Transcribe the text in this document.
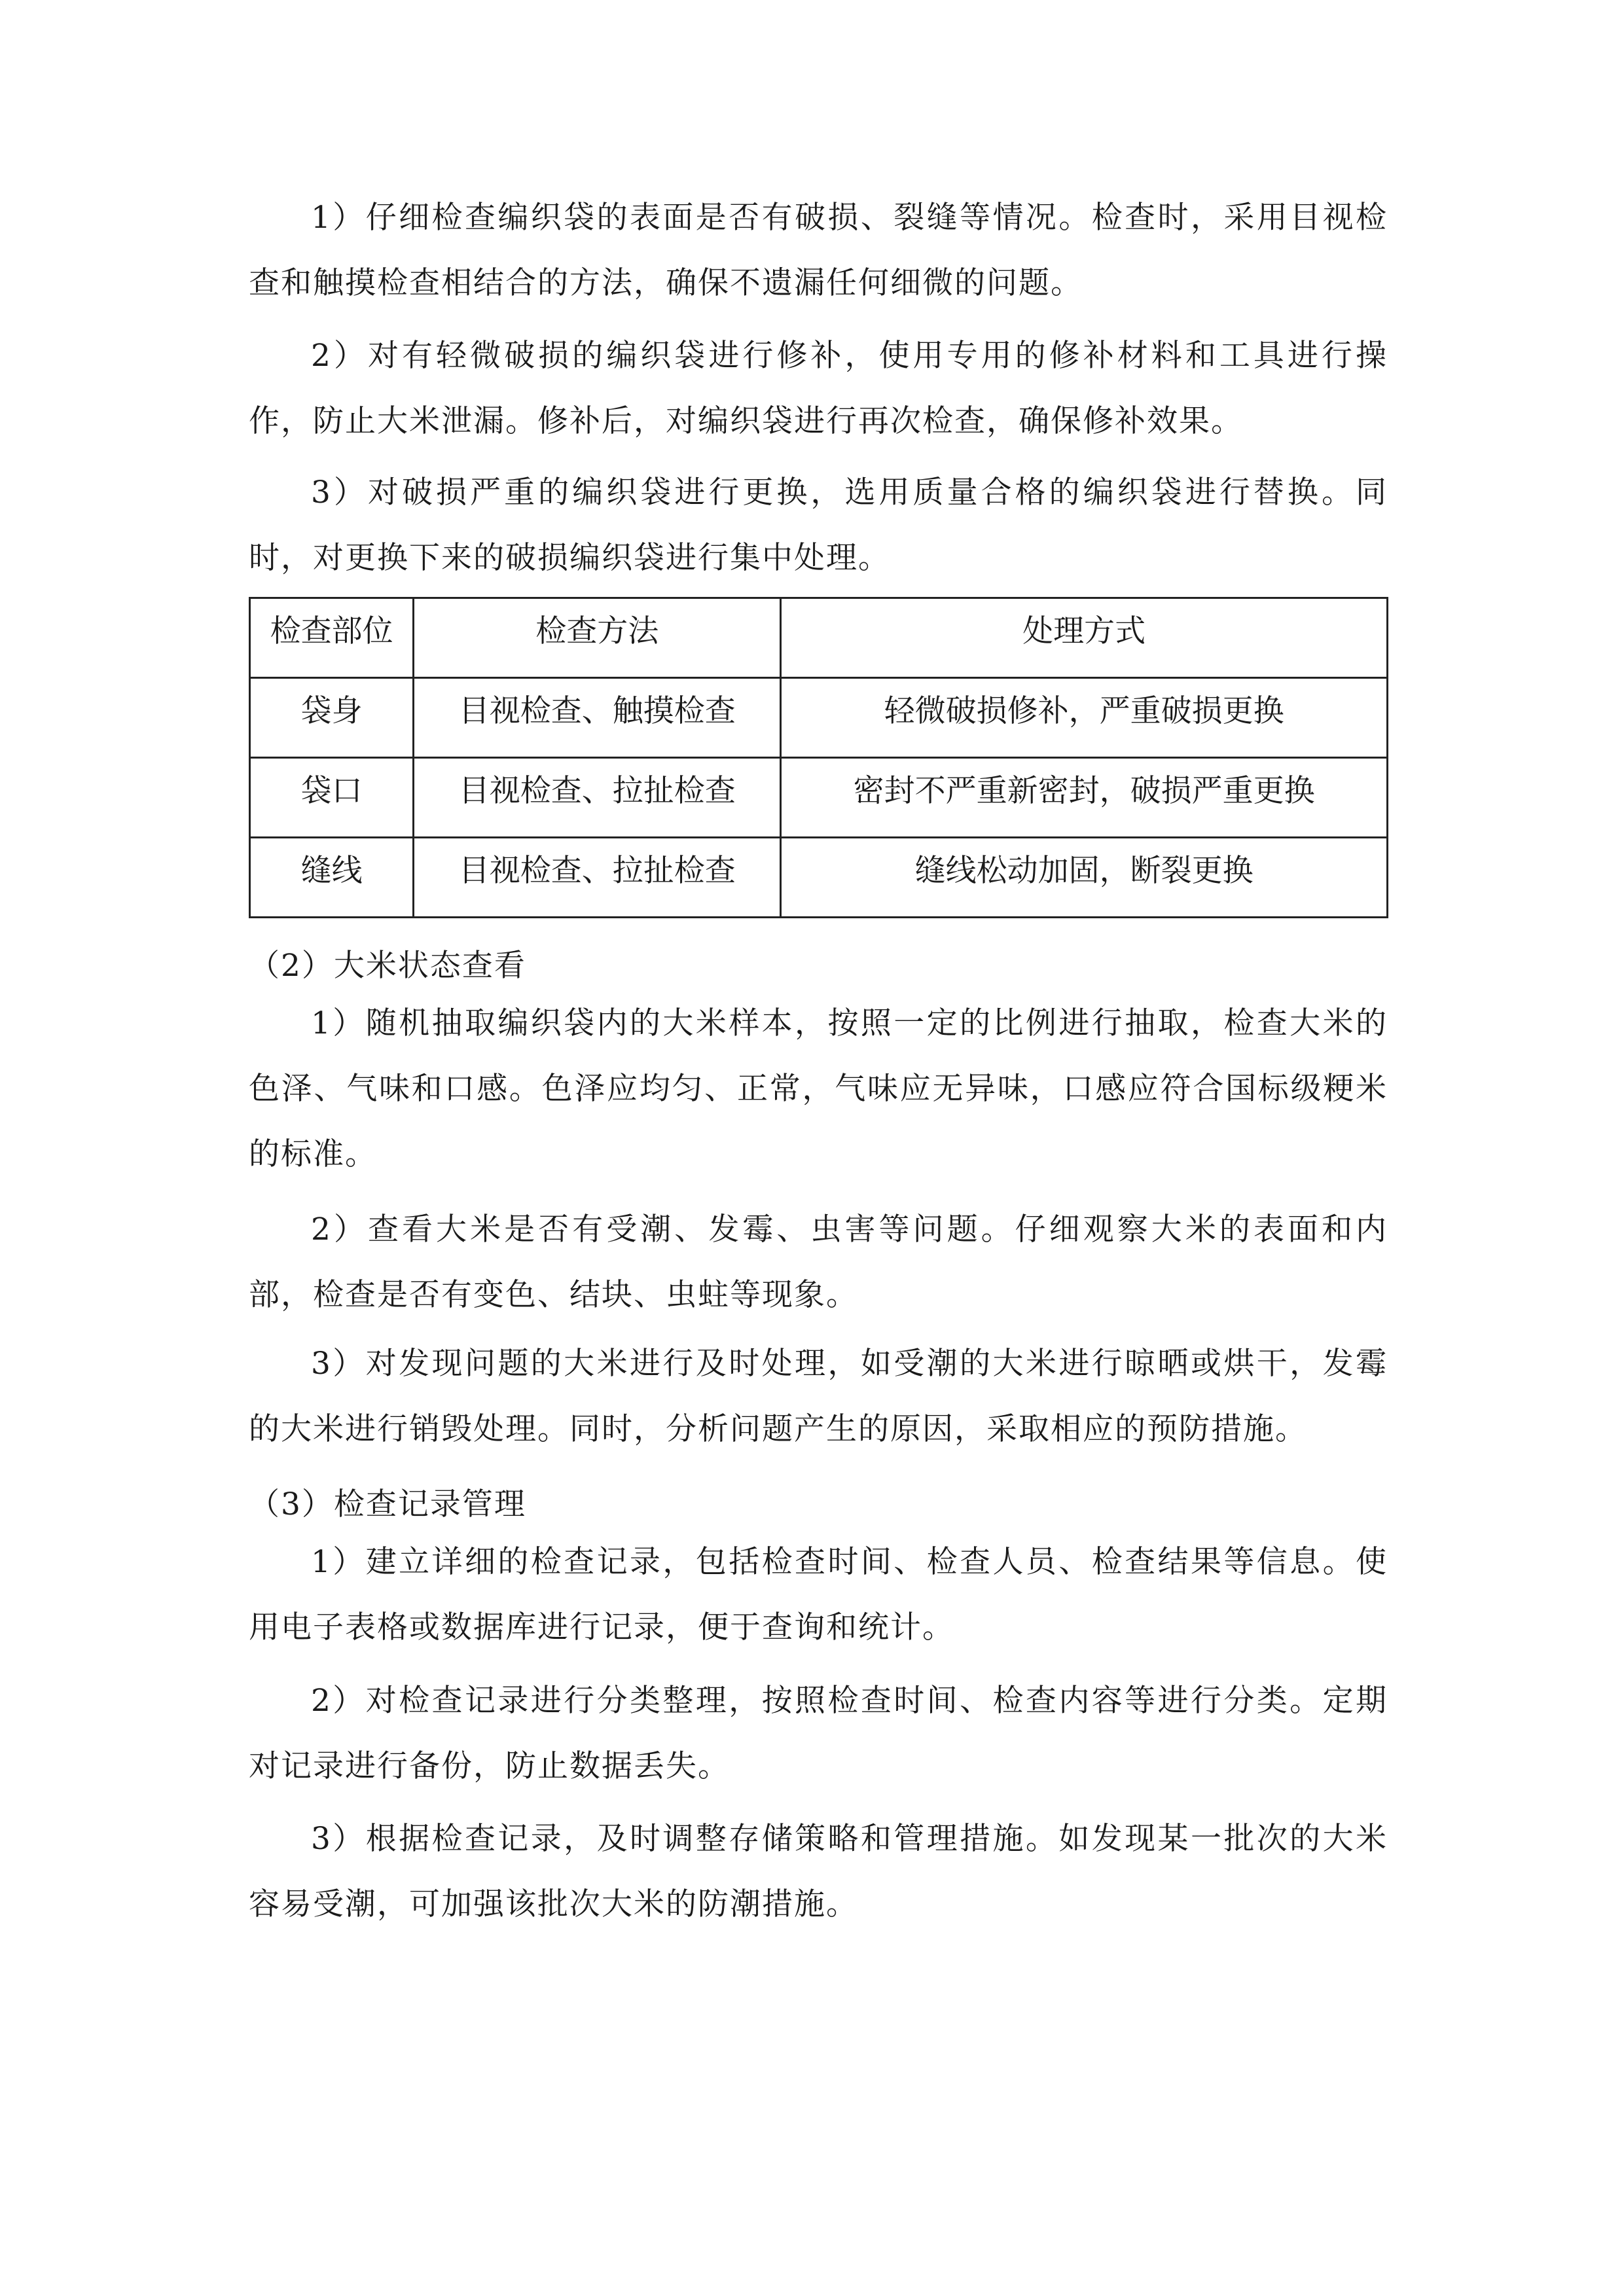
1）仔细检查编织袋的表面是否有破损、裂缝等情况。检查时，采用目视检查和触摸检查相结合的方法，确保不遗漏任何细微的问题。

2）对有轻微破损的编织袋进行修补，使用专用的修补材料和工具进行操作，防止大米泄漏。修补后，对编织袋进行再次检查，确保修补效果。

3）对破损严重的编织袋进行更换，选用质量合格的编织袋进行替换。同时，对更换下来的破损编织袋进行集中处理。

检查部位	检查方法	处理方式
袋身	目视检查、触摸检查	轻微破损修补，严重破损更换
袋口	目视检查、拉扯检查	密封不严重新密封，破损严重更换
缝线	目视检查、拉扯检查	缝线松动加固，断裂更换

（2）大米状态查看

1）随机抽取编织袋内的大米样本，按照一定的比例进行抽取，检查大米的色泽、气味和口感。色泽应均匀、正常，气味应无异味，口感应符合国标级粳米的标准。

2）查看大米是否有受潮、发霉、虫害等问题。仔细观察大米的表面和内部，检查是否有变色、结块、虫蛀等现象。

3）对发现问题的大米进行及时处理，如受潮的大米进行晾晒或烘干，发霉的大米进行销毁处理。同时，分析问题产生的原因，采取相应的预防措施。

（3）检查记录管理

1）建立详细的检查记录，包括检查时间、检查人员、检查结果等信息。使用电子表格或数据库进行记录，便于查询和统计。

2）对检查记录进行分类整理，按照检查时间、检查内容等进行分类。定期对记录进行备份，防止数据丢失。

3）根据检查记录，及时调整存储策略和管理措施。如发现某一批次的大米容易受潮，可加强该批次大米的防潮措施。
